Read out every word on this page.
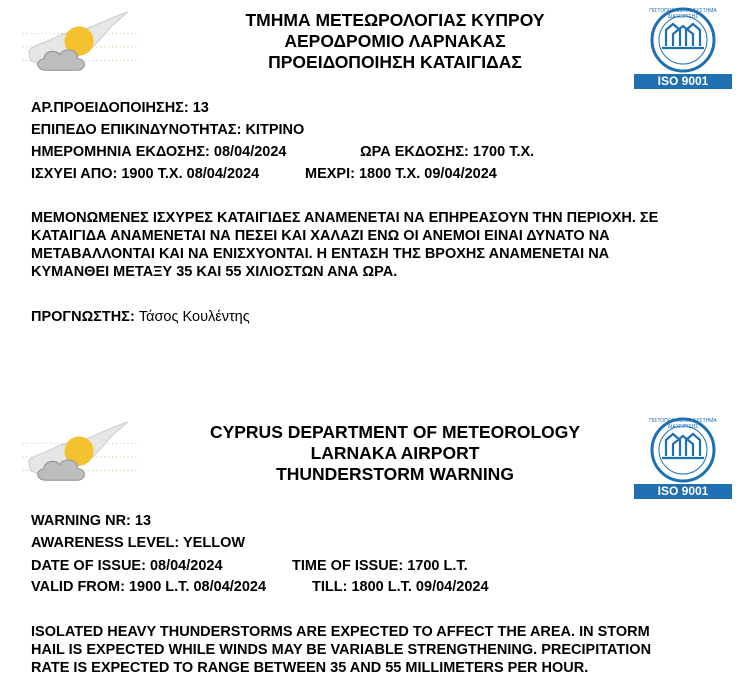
ΤΜΗΜΑ ΜΕΤΕΩΡΟΛΟΓΙΑΣ ΚΥΠΡΟΥ
ΑΕΡΟΔΡΟΜΙΟ ΛΑΡΝΑΚΑΣ
ΠΡΟΕΙΔΟΠΟΙΗΣΗ ΚΑΤΑΙΓΙΔΑΣ
ISO 9001
ΠΙΣΤΟΠΟΙΗΜΕΝΟ ΣΥΣΤΗΜΑ ΔΙΑΧΕΙΡΙΣΗΣ
ΑΡ.ΠΡΟΕΙΔΟΠΟΙΗΣΗΣ: 13
ΕΠΙΠΕΔΟ ΕΠΙΚΙΝΔΥΝΟΤΗΤΑΣ: ΚΙΤΡΙΝΟ
ΗΜΕΡΟΜΗΝΙΑ ΕΚΔΟΣΗΣ: 08/04/2024	ΩΡΑ ΕΚΔΟΣΗΣ: 1700 Τ.Χ.
ΙΣΧΥΕΙ ΑΠΟ: 1900 Τ.Χ. 08/04/2024	ΜΕΧΡΙ: 1800 Τ.Χ. 09/04/2024
ΜΕΜΟΝΩΜΕΝΕΣ ΙΣΧΥΡΕΣ ΚΑΤΑΙΓΙΔΕΣ ΑΝΑΜΕΝΕΤΑΙ ΝΑ ΕΠΗΡΕΑΣΟΥΝ ΤΗΝ ΠΕΡΙΟΧΗ. ΣΕ
ΚΑΤΑΙΓΙΔΑ ΑΝΑΜΕΝΕΤΑΙ ΝΑ ΠΕΣΕΙ ΚΑΙ ΧΑΛΑΖΙ ΕΝΩ ΟΙ ΑΝΕΜΟΙ ΕΙΝΑΙ ΔΥΝΑΤΟ ΝΑ
ΜΕΤΑΒΑΛΛΟΝΤΑΙ ΚΑΙ ΝΑ ΕΝΙΣΧΥΟΝΤΑΙ. Η ΕΝΤΑΣΗ ΤΗΣ ΒΡΟΧΗΣ ΑΝΑΜΕΝΕΤΑΙ ΝΑ
ΚΥΜΑΝΘΕΙ ΜΕΤΑΞΥ 35 ΚΑΙ 55 ΧΙΛΙΟΣΤΩΝ ΑΝΑ ΩΡΑ.
ΠΡΟΓΝΩΣΤΗΣ: Τάσος Κουλέντης
CYPRUS DEPARTMENT OF METEOROLOGY
LARNAKA AIRPORT
THUNDERSTORM WARNING
ISO 9001
ΠΙΣΤΟΠΟΙΗΜΕΝΟ ΣΥΣΤΗΜΑ ΔΙΑΧΕΙΡΙΣΗΣ
WARNING NR: 13
AWARENESS LEVEL: YELLOW
DATE OF ISSUE: 08/04/2024	TIME OF ISSUE: 1700 L.T.
VALID FROM: 1900 L.T. 08/04/2024	TILL: 1800 L.T. 09/04/2024
ISOLATED HEAVY THUNDERSTORMS ARE EXPECTED TO AFFECT THE AREA. IN STORM
HAIL IS EXPECTED WHILE WINDS MAY BE VARIABLE STRENGTHENING. PRECIPITATION
RATE IS EXPECTED TO RANGE BETWEEN 35 AND 55 MILLIMETERS PER HOUR.
